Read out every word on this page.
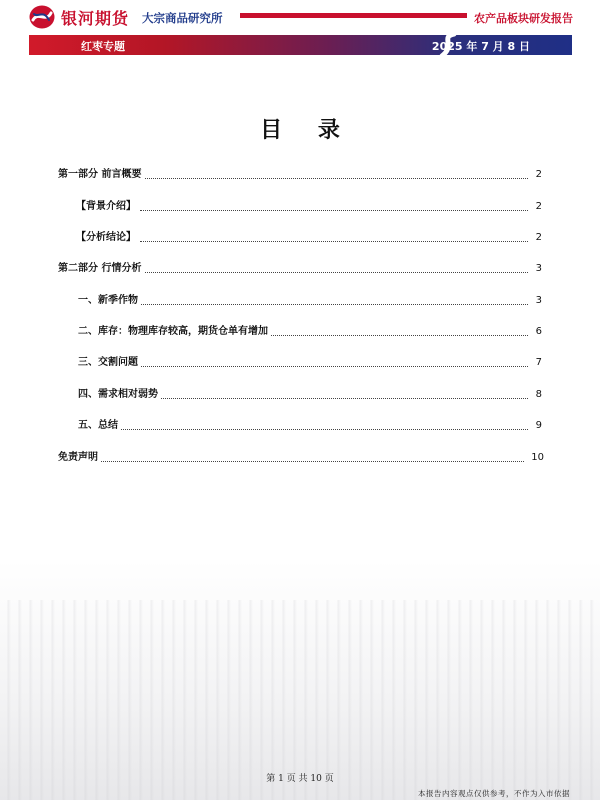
银河期货 大宗商品研究所	农产品板块研发报告
红枣专题	2025 年 7 月 8 日
目 录
第一部分 前言概要	2
【背景介绍】	2
【分析结论】	2
第二部分 行情分析	3
一、新季作物	3
二、库存：物理库存较高，期货仓单有增加	6
三、交割问题	7
四、需求相对弱势	8
五、总结	9
免责声明	10
第 1 页 共 10 页
本报告内容观点仅供参考，不作为入市依据
